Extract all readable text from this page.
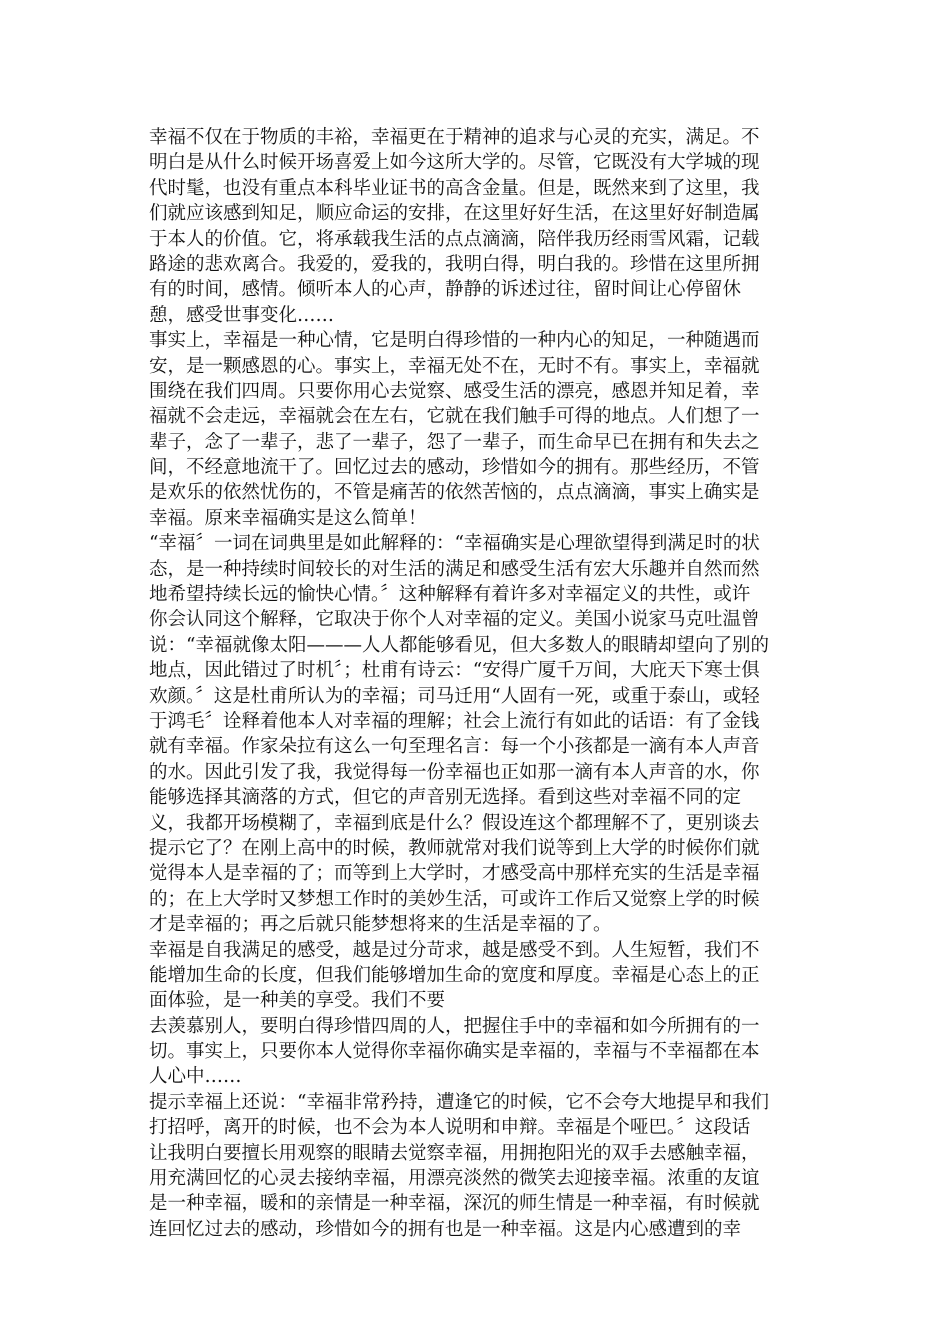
幸福不仅在于物质的丰裕，幸福更在于精神的追求与心灵的充实，满足。不
明白是从什么时候开场喜爱上如今这所大学的。尽管，它既没有大学城的现
代时髦，也没有重点本科毕业证书的高含金量。但是，既然来到了这里，我
们就应该感到知足，顺应命运的安排，在这里好好生活，在这里好好制造属
于本人的价值。它，将承载我生活的点点滴滴，陪伴我历经雨雪风霜，记载
路途的悲欢离合。我爱的，爱我的，我明白得，明白我的。珍惜在这里所拥
有的时间，感情。倾听本人的心声，静静的诉述过往，留时间让心停留休
憩，感受世事变化……
事实上，幸福是一种心情，它是明白得珍惜的一种内心的知足，一种随遇而
安，是一颗感恩的心。事实上，幸福无处不在，无时不有。事实上，幸福就
围绕在我们四周。只要你用心去觉察、感受生活的漂亮，感恩并知足着，幸
福就不会走远，幸福就会在左右，它就在我们触手可得的地点。人们想了一
辈子，念了一辈子，悲了一辈子，怨了一辈子，而生命早已在拥有和失去之
间，不经意地流干了。回忆过去的感动，珍惜如今的拥有。那些经历，不管
是欢乐的依然忧伤的，不管是痛苦的依然苦恼的，点点滴滴，事实上确实是
幸福。原来幸福确实是这么简单！
“幸福〞一词在词典里是如此解释的：“幸福确实是心理欲望得到满足时的状
态，是一种持续时间较长的对生活的满足和感受生活有宏大乐趣并自然而然
地希望持续长远的愉快心情。〞这种解释有着许多对幸福定义的共性，或许
你会认同这个解释，它取决于你个人对幸福的定义。美国小说家马克吐温曾
说：“幸福就像太阳———人人都能够看见，但大多数人的眼睛却望向了别的
地点，因此错过了时机〞；杜甫有诗云：“安得广厦千万间，大庇天下寒士俱
欢颜。〞这是杜甫所认为的幸福；司马迁用“人固有一死，或重于泰山，或轻
于鸿毛〞诠释着他本人对幸福的理解；社会上流行有如此的话语：有了金钱
就有幸福。作家朵拉有这么一句至理名言：每一个小孩都是一滴有本人声音
的水。因此引发了我，我觉得每一份幸福也正如那一滴有本人声音的水，你
能够选择其滴落的方式，但它的声音别无选择。看到这些对幸福不同的定
义，我都开场模糊了，幸福到底是什么？假设连这个都理解不了，更别谈去
提示它了？在刚上高中的时候，教师就常对我们说等到上大学的时候你们就
觉得本人是幸福的了；而等到上大学时，才感受高中那样充实的生活是幸福
的；在上大学时又梦想工作时的美妙生活，可或许工作后又觉察上学的时候
才是幸福的；再之后就只能梦想将来的生活是幸福的了。
幸福是自我满足的感受，越是过分苛求，越是感受不到。人生短暂，我们不
能增加生命的长度，但我们能够增加生命的宽度和厚度。幸福是心态上的正
面体验，是一种美的享受。我们不要
去羡慕别人，要明白得珍惜四周的人，把握住手中的幸福和如今所拥有的一
切。事实上，只要你本人觉得你幸福你确实是幸福的，幸福与不幸福都在本
人心中……
提示幸福上还说：“幸福非常矜持，遭逢它的时候，它不会夸大地提早和我们
打招呼，离开的时候，也不会为本人说明和申辩。幸福是个哑巴。〞这段话
让我明白要擅长用观察的眼睛去觉察幸福，用拥抱阳光的双手去感触幸福，
用充满回忆的心灵去接纳幸福，用漂亮淡然的微笑去迎接幸福。浓重的友谊
是一种幸福，暖和的亲情是一种幸福，深沉的师生情是一种幸福，有时候就
连回忆过去的感动，珍惜如今的拥有也是一种幸福。这是内心感遭到的幸
